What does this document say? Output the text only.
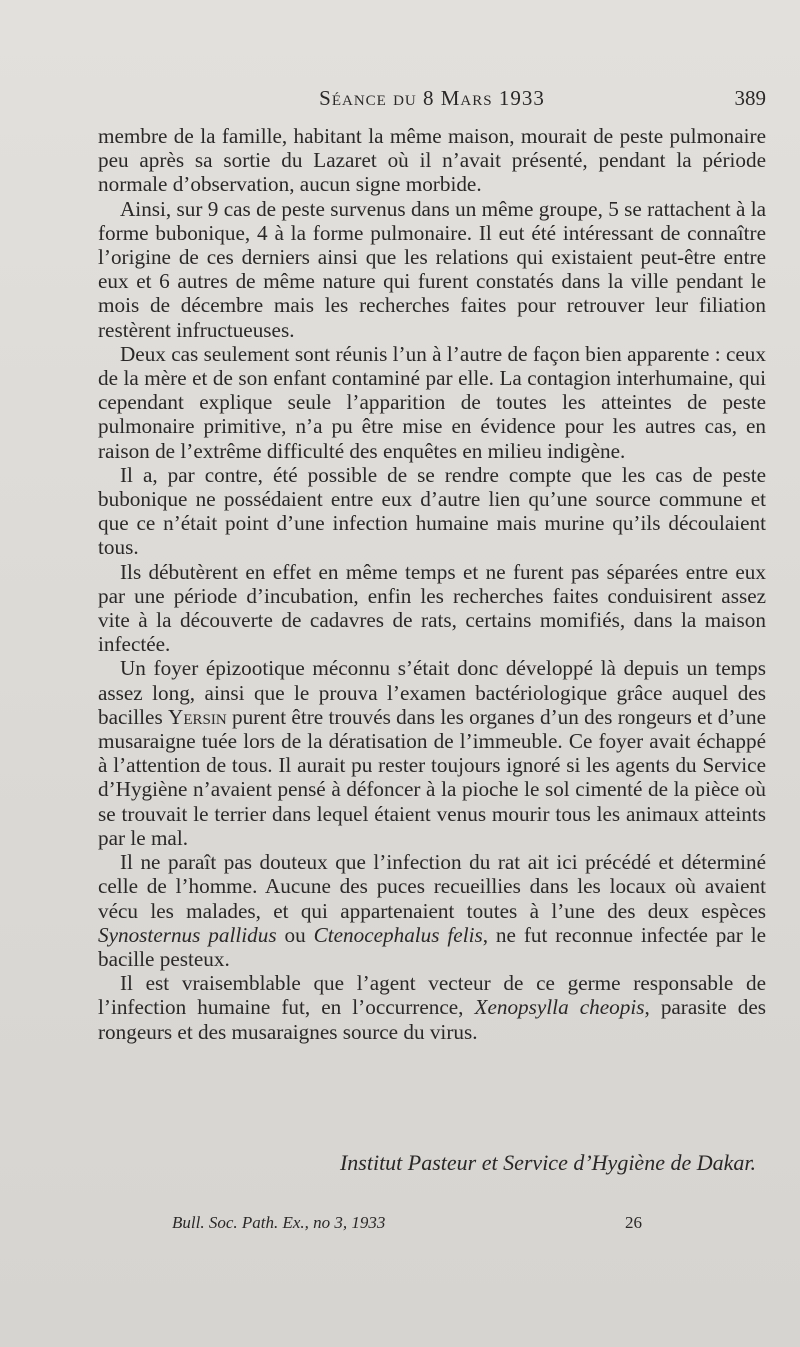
Séance du 8 Mars 1933	389

membre de la famille, habitant la même maison, mourait de peste pulmonaire peu après sa sortie du Lazaret où il n’avait présenté, pendant la période normale d’observation, aucun signe morbide.

Ainsi, sur 9 cas de peste survenus dans un même groupe, 5 se rattachent à la forme bubonique, 4 à la forme pulmonaire. Il eut été intéressant de connaître l’origine de ces derniers ainsi que les relations qui existaient peut-être entre eux et 6 autres de même nature qui furent constatés dans la ville pendant le mois de décembre mais les recherches faites pour retrouver leur filiation restèrent infructueuses.

Deux cas seulement sont réunis l’un à l’autre de façon bien apparente : ceux de la mère et de son enfant contaminé par elle. La contagion interhumaine, qui cependant explique seule l’apparition de toutes les atteintes de peste pulmonaire primitive, n’a pu être mise en évidence pour les autres cas, en raison de l’extrême difficulté des enquêtes en milieu indigène.

Il a, par contre, été possible de se rendre compte que les cas de peste bubonique ne possédaient entre eux d’autre lien qu’une source commune et que ce n’était point d’une infection humaine mais murine qu’ils découlaient tous.

Ils débutèrent en effet en même temps et ne furent pas séparées entre eux par une période d’incubation, enfin les recherches faites conduisirent assez vite à la découverte de cadavres de rats, certains momifiés, dans la maison infectée.

Un foyer épizootique méconnu s’était donc développé là depuis un temps assez long, ainsi que le prouva l’examen bactériologique grâce auquel des bacilles Yersin purent être trouvés dans les organes d’un des rongeurs et d’une musaraigne tuée lors de la dératisation de l’immeuble. Ce foyer avait échappé à l’attention de tous. Il aurait pu rester toujours ignoré si les agents du Service d’Hygiène n’avaient pensé à défoncer à la pioche le sol cimenté de la pièce où se trouvait le terrier dans lequel étaient venus mourir tous les animaux atteints par le mal.

Il ne paraît pas douteux que l’infection du rat ait ici précédé et déterminé celle de l’homme. Aucune des puces recueillies dans les locaux où avaient vécu les malades, et qui appartenaient toutes à l’une des deux espèces Synosternus pallidus ou Ctenocephalus felis, ne fut reconnue infectée par le bacille pesteux.

Il est vraisemblable que l’agent vecteur de ce germe responsable de l’infection humaine fut, en l’occurrence, Xenopsylla cheopis, parasite des rongeurs et des musaraignes source du virus.

Institut Pasteur et Service d’Hygiène de Dakar.
Bull. Soc. Path. Ex., no 3, 1933	26
